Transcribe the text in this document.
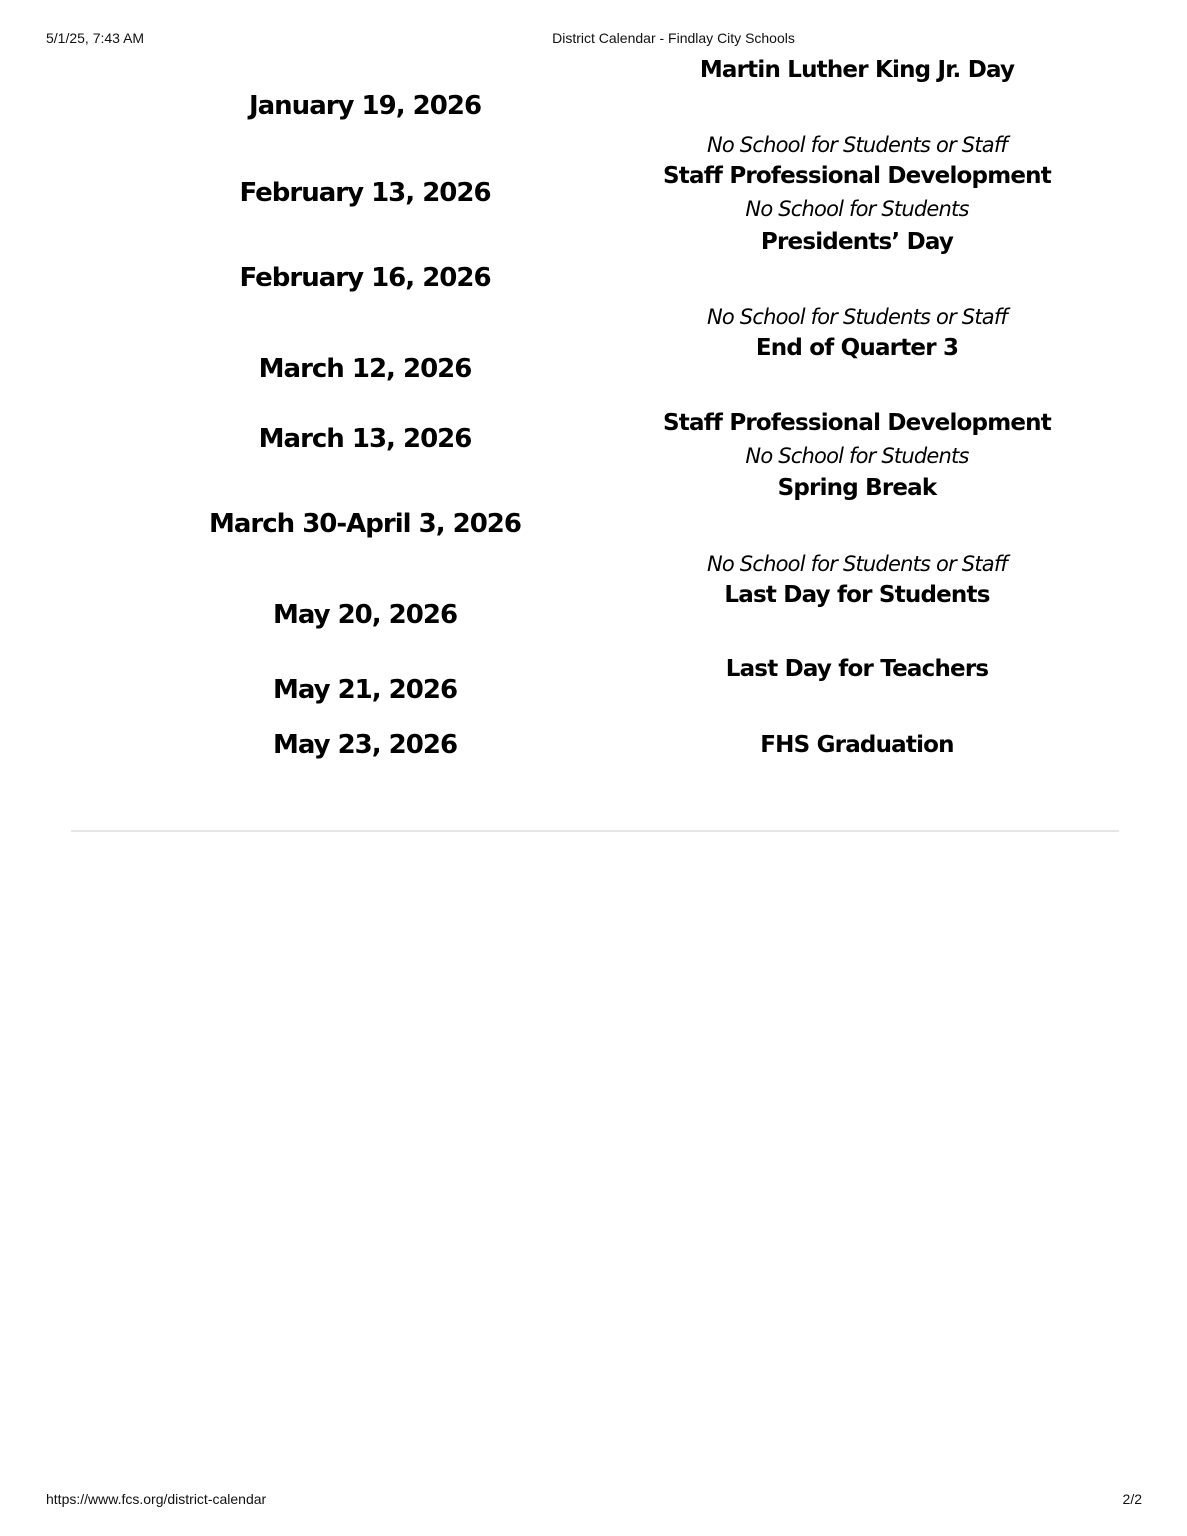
5/1/25, 7:43 AM	District Calendar - Findlay City Schools
January 19, 2026
February 13, 2026
February 16, 2026
March 12, 2026
March 13, 2026
March 30-April 3, 2026
May 20, 2026
May 21, 2026
May 23, 2026
Martin Luther King Jr. Day
No School for Students or Staff
Staff Professional Development
No School for Students
Presidents’ Day
No School for Students or Staff
End of Quarter 3
Staff Professional Development
No School for Students
Spring Break
No School for Students or Staff
Last Day for Students
Last Day for Teachers
FHS Graduation
https://www.fcs.org/district-calendar	2/2
